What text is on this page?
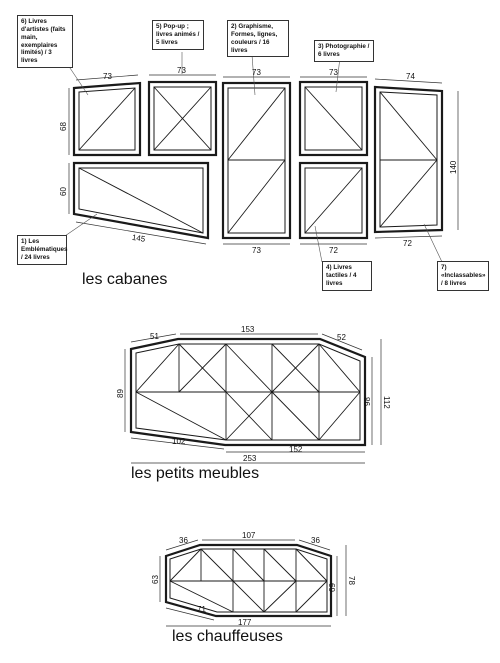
73
73	73	73	74
68
60
145
73	72
72
140
51
153
52
89
98 112
102
152
253
36
107
36
63
69
78
71
177
les cabanes
les petits meubles
les chauffeuses
6) Livres d'artistes (faits main, exemplaires limités) / 3 livres
5) Pop-up ; livres animés / 5 livres
2) Graphisme, Formes, lignes, couleurs / 16 livres
3) Photographie / 6 livres
1) Les Emblématiques / 24 livres
4) Livres tactiles / 4 livres
7) «Inclassables» / 8 livres
